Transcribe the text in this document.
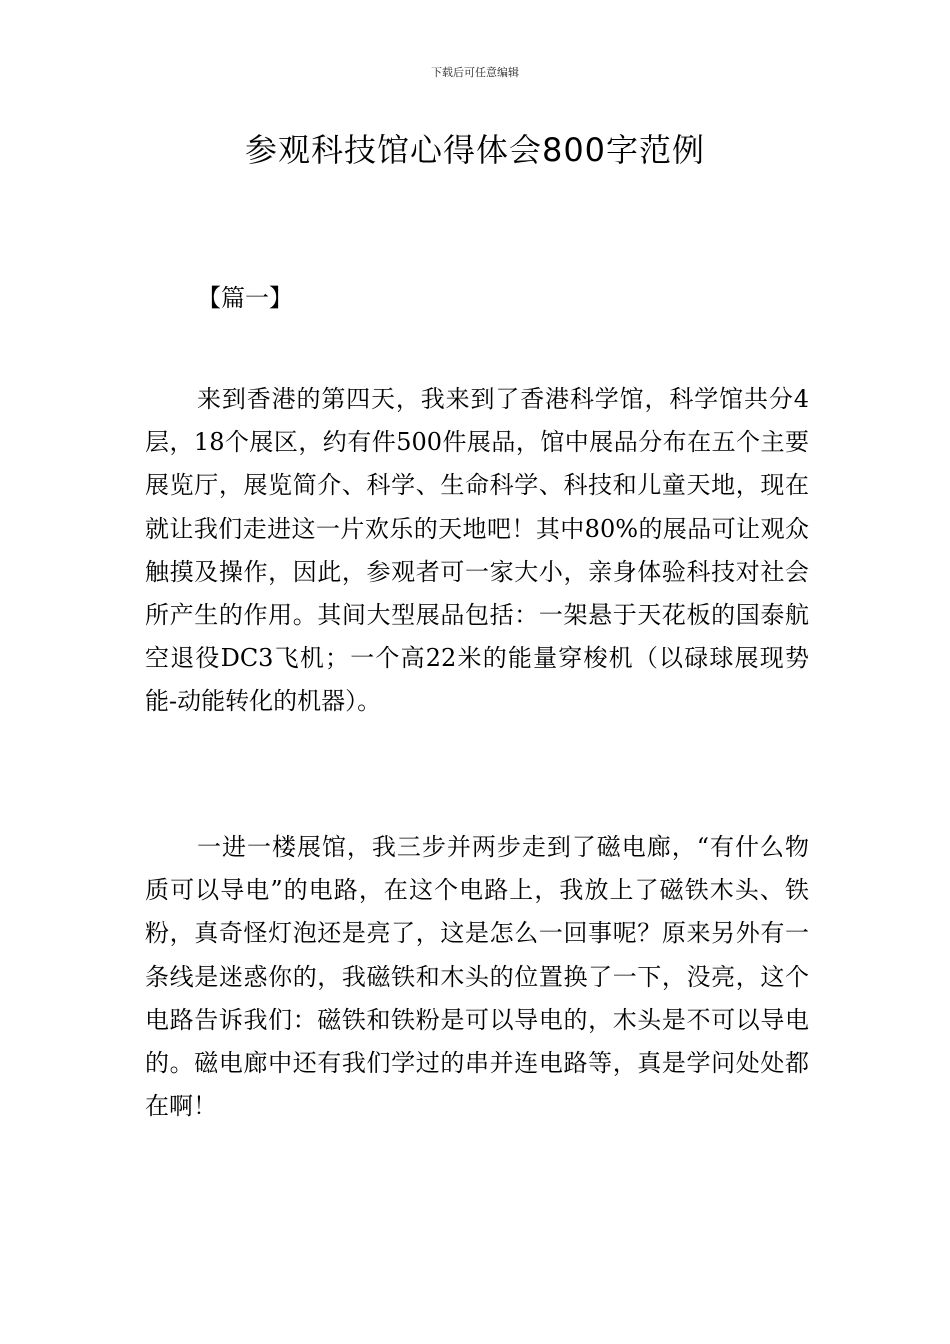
下载后可任意编辑
参观科技馆心得体会800字范例
【篇一】

来到香港的第四天，我来到了香港科学馆，科学馆共分4层，18个展区，约有件500件展品，馆中展品分布在五个主要展览厅，展览简介、科学、生命科学、科技和儿童天地，现在就让我们走进这一片欢乐的天地吧！其中80%的展品可让观众触摸及操作，因此，参观者可一家大小，亲身体验科技对社会所产生的作用。其间大型展品包括：一架悬于天花板的国泰航空退役DC3飞机；一个高22米的能量穿梭机（以碌球展现势能-动能转化的机器）。

一进一楼展馆，我三步并两步走到了磁电廊，“有什么物质可以导电”的电路，在这个电路上，我放上了磁铁木头、铁粉，真奇怪灯泡还是亮了，这是怎么一回事呢？原来另外有一条线是迷惑你的，我磁铁和木头的位置换了一下，没亮，这个电路告诉我们：磁铁和铁粉是可以导电的，木头是不可以导电的。磁电廊中还有我们学过的串并连电路等，真是学问处处都在啊！
